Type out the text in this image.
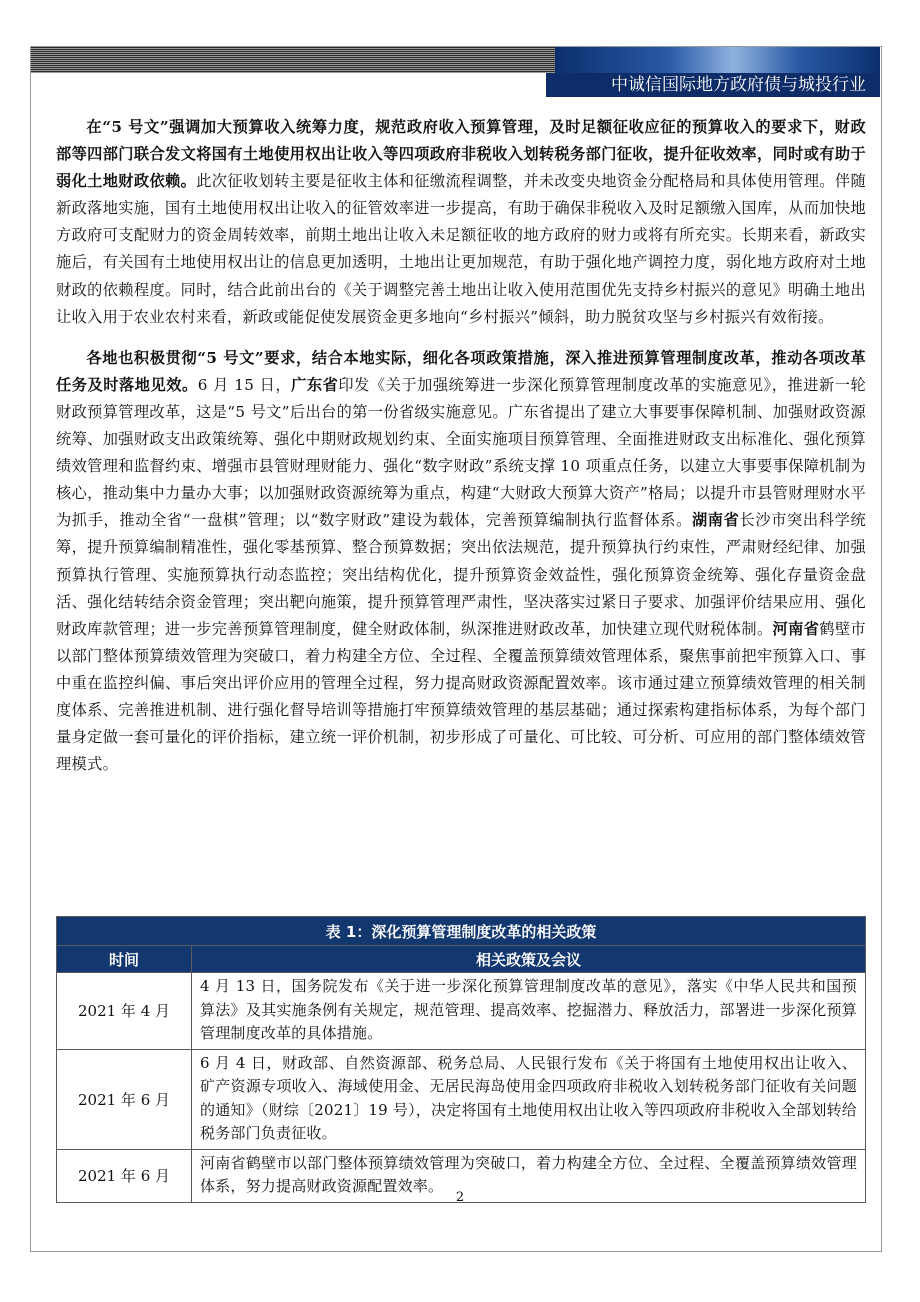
中诚信国际地方政府债与城投行业

在“5 号文”强调加大预算收入统筹力度，规范政府收入预算管理，及时足额征收应征的预算收入的要求下，财政部等四部门联合发文将国有土地使用权出让收入等四项政府非税收入划转税务部门征收，提升征收效率，同时或有助于弱化土地财政依赖。此次征收划转主要是征收主体和征缴流程调整，并未改变央地资金分配格局和具体使用管理。伴随新政落地实施，国有土地使用权出让收入的征管效率进一步提高，有助于确保非税收入及时足额缴入国库，从而加快地方政府可支配财力的资金周转效率，前期土地出让收入未足额征收的地方政府的财力或将有所充实。长期来看，新政实施后，有关国有土地使用权出让的信息更加透明，土地出让更加规范，有助于强化地产调控力度，弱化地方政府对土地财政的依赖程度。同时，结合此前出台的《关于调整完善土地出让收入使用范围优先支持乡村振兴的意见》明确土地出让收入用于农业农村来看，新政或能促使发展资金更多地向“乡村振兴”倾斜，助力脱贫攻坚与乡村振兴有效衔接。

各地也积极贯彻“5 号文”要求，结合本地实际，细化各项政策措施，深入推进预算管理制度改革，推动各项改革任务及时落地见效。6 月 15 日，广东省印发《关于加强统筹进一步深化预算管理制度改革的实施意见》，推进新一轮财政预算管理改革，这是“5 号文”后出台的第一份省级实施意见。广东省提出了建立大事要事保障机制、加强财政资源统筹、加强财政支出政策统筹、强化中期财政规划约束、全面实施项目预算管理、全面推进财政支出标准化、强化预算绩效管理和监督约束、增强市县管财理财能力、强化“数字财政”系统支撑 10 项重点任务，以建立大事要事保障机制为核心，推动集中力量办大事；以加强财政资源统筹为重点，构建“大财政大预算大资产”格局；以提升市县管财理财水平为抓手，推动全省“一盘棋”管理；以“数字财政”建设为载体，完善预算编制执行监督体系。湖南省长沙市突出科学统筹，提升预算编制精准性，强化零基预算、整合预算数据；突出依法规范，提升预算执行约束性，严肃财经纪律、加强预算执行管理、实施预算执行动态监控；突出结构优化，提升预算资金效益性，强化预算资金统筹、强化存量资金盘活、强化结转结余资金管理；突出靶向施策，提升预算管理严肃性，坚决落实过紧日子要求、加强评价结果应用、强化财政库款管理；进一步完善预算管理制度，健全财政体制，纵深推进财政改革，加快建立现代财税体制。河南省鹤壁市以部门整体预算绩效管理为突破口，着力构建全方位、全过程、全覆盖预算绩效管理体系，聚焦事前把牢预算入口、事中重在监控纠偏、事后突出评价应用的管理全过程，努力提高财政资源配置效率。该市通过建立预算绩效管理的相关制度体系、完善推进机制、进行强化督导培训等措施打牢预算绩效管理的基层基础；通过探索构建指标体系，为每个部门量身定做一套可量化的评价指标，建立统一评价机制，初步形成了可量化、可比较、可分析、可应用的部门整体绩效管理模式。

表 1：深化预算管理制度改革的相关政策	
时间	相关政策及会议
2021 年 4 月	4 月 13 日，国务院发布《关于进一步深化预算管理制度改革的意见》，落实《中华人民共和国预算法》及其实施条例有关规定，规范管理、提高效率、挖掘潜力、释放活力，部署进一步深化预算管理制度改革的具体措施。
2021 年 6 月	6 月 4 日，财政部、自然资源部、税务总局、人民银行发布《关于将国有土地使用权出让收入、矿产资源专项收入、海域使用金、无居民海岛使用金四项政府非税收入划转税务部门征收有关问题的通知》（财综〔2021〕19 号），决定将国有土地使用权出让收入等四项政府非税收入全部划转给税务部门负责征收。
2021 年 6 月	河南省鹤壁市以部门整体预算绩效管理为突破口，着力构建全方位、全过程、全覆盖预算绩效管理体系，努力提高财政资源配置效率。
2
